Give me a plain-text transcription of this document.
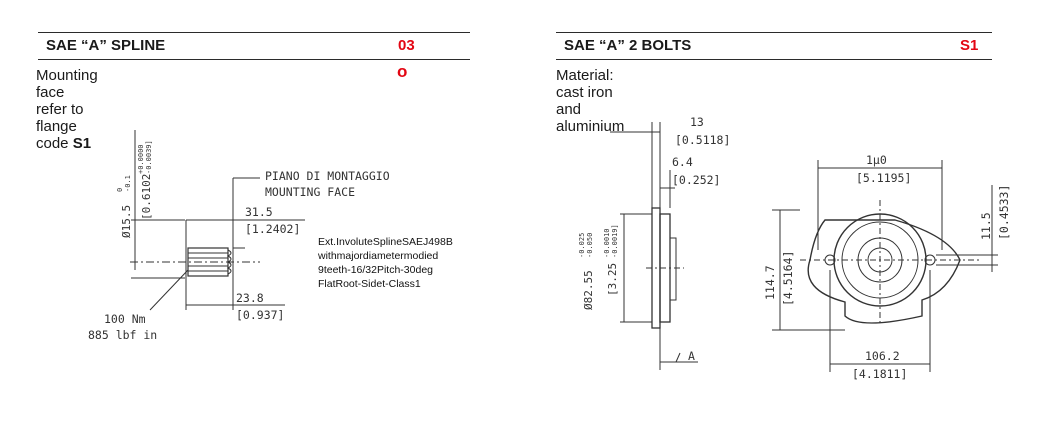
SAE “A” SPLINE	03
Mounting face refer to flange code S1
o
Ø15.5
0 -0.1 [0.6102
+0.0000 -0.0039]
PIANO DI MONTAGGIO
MOUNTING FACE
31.5
[1.2402]
23.8
[0.937]
100 Nm
885 lbf in
Ext.InvoluteSplineSAEJ498B
withmajordiametermodied
9teeth-16/32Pitch-30deg
FlatRoot-Sidet-Class1
SAE “A” 2 BOLTS	S1
Material: cast iron and aluminium	13
[0.5118]
6.4
[0.252]
Ø82.55
-0.025 -0.050
[3.25
-0.0010 -0.0019]
A
1μ0
[5.1195]
114.7 [4.5164]
11.5 [0.4533]
106.2
[4.1811]
